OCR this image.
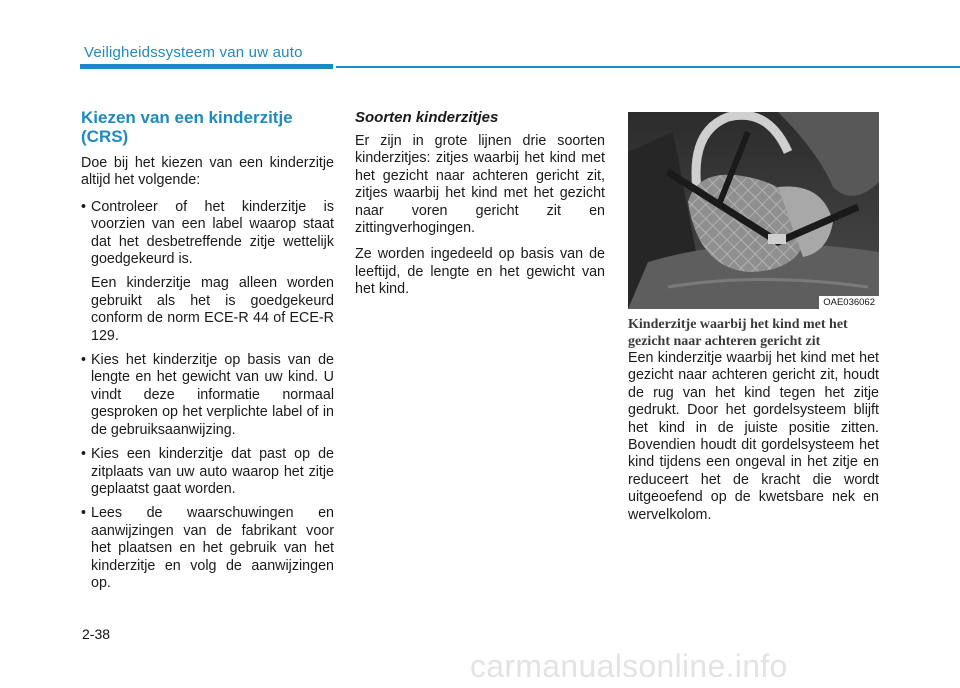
Veiligheidssysteem van uw auto
Kiezen van een kinderzitje (CRS)

Doe bij het kiezen van een kinderzitje altijd het volgende:

• Controleer of het kinderzitje is voorzien van een label waarop staat dat het desbetreffende zitje wettelijk goedgekeurd is.

Een kinderzitje mag alleen worden gebruikt als het is goedgekeurd conform de norm ECE-R 44 of ECE-R 129.

• Kies het kinderzitje op basis van de lengte en het gewicht van uw kind. U vindt deze informatie normaal gesproken op het verplichte label of in de gebruiksaanwijzing.
• Kies een kinderzitje dat past op de zitplaats van uw auto waarop het zitje geplaatst gaat worden.
• Lees de waarschuwingen en aanwijzingen van de fabrikant voor het plaatsen en het gebruik van het kinderzitje en volg de aanwijzingen op.
Soorten kinderzitjes

Er zijn in grote lijnen drie soorten kinderzitjes: zitjes waarbij het kind met het gezicht naar achteren gericht zit, zitjes waarbij het kind met het gezicht naar voren gericht zit en zittingverhogingen.

Ze worden ingedeeld op basis van de leeftijd, de lengte en het gewicht van het kind.

OAE036062
Kinderzitje waarbij het kind met het gezicht naar achteren gericht zit

Een kinderzitje waarbij het kind met het gezicht naar achteren gericht zit, houdt de rug van het kind tegen het zitje gedrukt. Door het gordelsysteem blijft het kind in de juiste positie zitten. Bovendien houdt dit gordelsysteem het kind tijdens een ongeval in het zitje en reduceert het de kracht die wordt uitgeoefend op de kwetsbare nek en wervelkolom.

2-38
carmanualsonline.info
